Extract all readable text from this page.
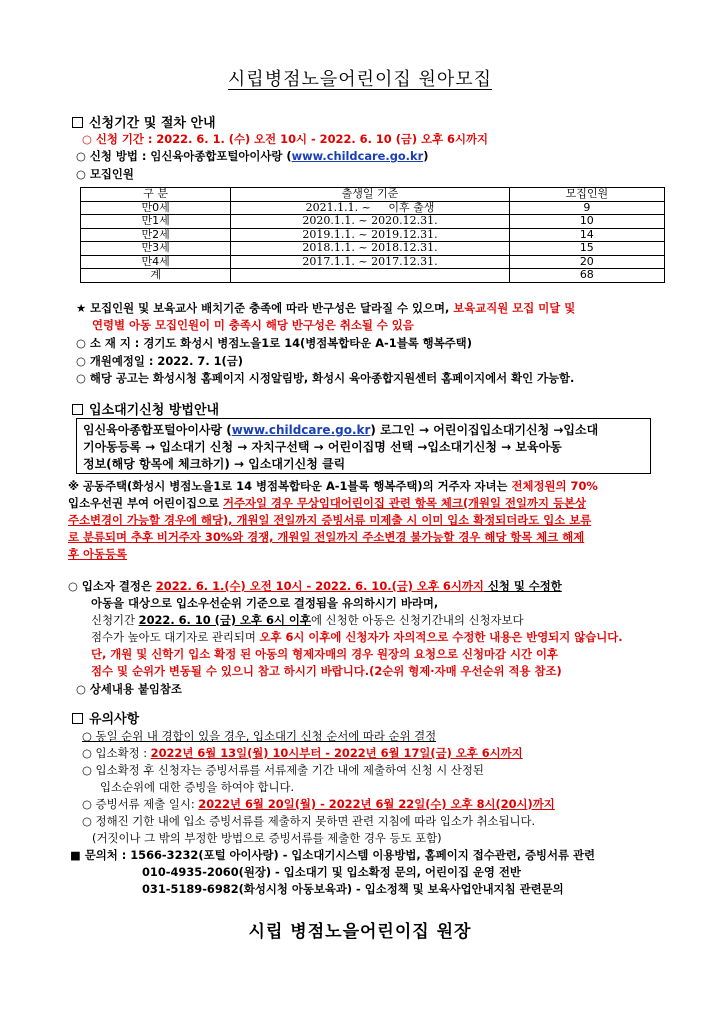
시립병점노을어린이집 원아모집
신청기간 및 절차 안내
○ 신청 기간 : 2022. 6. 1. (수) 오전 10시 - 2022. 6. 10 (금) 오후 6시까지
○ 신청 방법 : 임신육아종합포털아이사랑 (www.childcare.go.kr)
○ 모집인원
구 분	출생일 기준	모집인원
만0세	2021.1.1. ~     이후 출생	9
만1세	2020.1.1. ~ 2020.12.31.	10
만2세	2019.1.1. ~ 2019.12.31.	14
만3세	2018.1.1. ~ 2018.12.31.	15
만4세	2017.1.1. ~ 2017.12.31.	20
계		68
★ 모집인원 및 보육교사 배치기준 충족에 따라 반구성은 달라질 수 있으며, 보육교직원 모집 미달 및
연령별 아동 모집인원이 미 충족시 해당 반구성은 취소될 수 있음
○ 소 재 지 : 경기도 화성시 병점노을1로 14(병점복합타운 A-1블록 행복주택)
○ 개원예정일 : 2022. 7. 1(금)
○ 해당 공고는 화성시청 홈페이지 시정알림방, 화성시 육아종합지원센터 홈페이지에서 확인 가능함.
입소대기신청 방법안내
임신육아종합포털아이사랑 (www.childcare.go.kr) 로그인 → 어린이집입소대기신청 →입소대
기아동등록 → 입소대기 신청 → 자치구선택 → 어린이집명 선택 →입소대기신청 → 보육아동
정보(해당 항목에 체크하기) → 입소대기신청 클릭
※ 공동주택(화성시 병점노을1로 14 병점복합타운 A-1블록 행복주택)의 거주자 자녀는 전체정원의 70%
입소우선권 부여 어린이집으로 거주자일 경우 무상임대어린이집 관련 항목 체크(개원일 전일까지 등본상
주소변경이 가능할 경우에 해당), 개원일 전일까지 증빙서류 미제출 시 이미 입소 확정되더라도 입소 보류
로 분류되며 추후 비거주자 30%와 경쟁, 개원일 전일까지 주소변경 불가능할 경우 해당 항목 체크 해제
후 아동등록
○ 입소자 결정은 2022. 6. 1.(수) 오전 10시 - 2022. 6. 10.(금) 오후 6시까지 신청 및 수정한
아동을 대상으로 입소우선순위 기준으로 결정됨을 유의하시기 바라며,
신청기간 2022. 6. 10 (금) 오후 6시 이후에 신청한 아동은 신청기간내의 신청자보다
점수가 높아도 대기자로 관리되며 오후 6시 이후에 신청자가 자의적으로 수정한 내용은 반영되지 않습니다.
단, 개원 및 신학기 입소 확정 된 아동의 형제자매의 경우 원장의 요청으로 신청마감 시간 이후
점수 및 순위가 변동될 수 있으니 참고 하시기 바랍니다.(2순위 형제·자매 우선순위 적용 참조)
○ 상세내용 붙임참조
유의사항
○ 동일 순위 내 경합이 있을 경우, 입소대기 신청 순서에 따라 순위 결정
○ 입소확정 : 2022년 6월 13일(월) 10시부터 - 2022년 6월 17일(금) 오후 6시까지
○ 입소확정 후 신청자는 증빙서류를 서류제출 기간 내에 제출하여 신청 시 산정된
입소순위에 대한 증빙을 하여야 합니다.
○ 증빙서류 제출 일시: 2022년 6월 20일(월) - 2022년 6월 22일(수) 오후 8시(20시)까지
○ 정해진 기한 내에 입소 증빙서류를 제출하지 못하면 관련 지침에 따라 입소가 취소됩니다.
(거짓이나 그 밖의 부정한 방법으로 증빙서류를 제출한 경우 등도 포함)
■ 문의처 : 1566-3232(포털 아이사랑) - 입소대기시스템 이용방법, 홈페이지 접수관련, 증빙서류 관련
010-4935-2060(원장) - 입소대기 및 입소확정 문의, 어린이집 운영 전반
031-5189-6982(화성시청 아동보육과) - 입소정책 및 보육사업안내지침 관련문의
시립 병점노을어린이집 원장
